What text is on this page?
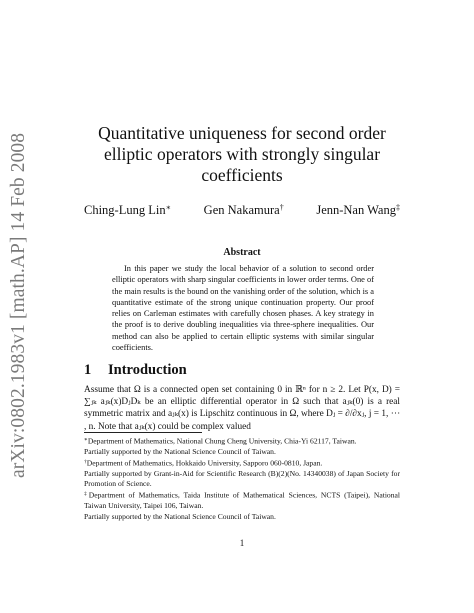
arXiv:0802.1983v1 [math.AP] 14 Feb 2008	Quantitative uniqueness for second order
elliptic operators with strongly singular
coefficients
Ching-Lung Lin∗	Gen Nakamura†	Jenn-Nan Wang‡
Abstract

In this paper we study the local behavior of a solution to second order elliptic operators with sharp singular coefficients in lower order terms. One of the main results is the bound on the vanishing order of the solution, which is a quantitative estimate of the strong unique continuation property. Our proof relies on Carleman estimates with carefully chosen phases. A key strategy in the proof is to derive doubling inequalities via three-sphere inequalities. Our method can also be applied to certain elliptic systems with similar singular coefficients.

1 Introduction

Assume that Ω is a connected open set containing 0 in ℝⁿ for n ≥ 2. Let P(x, D) = ∑ⱼₖ aⱼₖ(x)DⱼDₖ be an elliptic differential operator in Ω such that aⱼₖ(0) is a real symmetric matrix and aⱼₖ(x) is Lipschitz continuous in Ω, where Dⱼ = ∂/∂xⱼ, j = 1, ⋯ , n. Note that aⱼₖ(x) could be complex valued

∗Department of Mathematics, National Chung Cheng University, Chia-Yi 62117, Taiwan.

Partially supported by the National Science Council of Taiwan.

†Department of Mathematics, Hokkaido University, Sapporo 060-0810, Japan.

Partially supported by Grant-in-Aid for Scientific Research (B)(2)(No. 14340038) of Japan Society for Promotion of Science.

‡Department of Mathematics, Taida Institute of Mathematical Sciences, NCTS (Taipei), National Taiwan University, Taipei 106, Taiwan.

Partially supported by the National Science Council of Taiwan.

1
